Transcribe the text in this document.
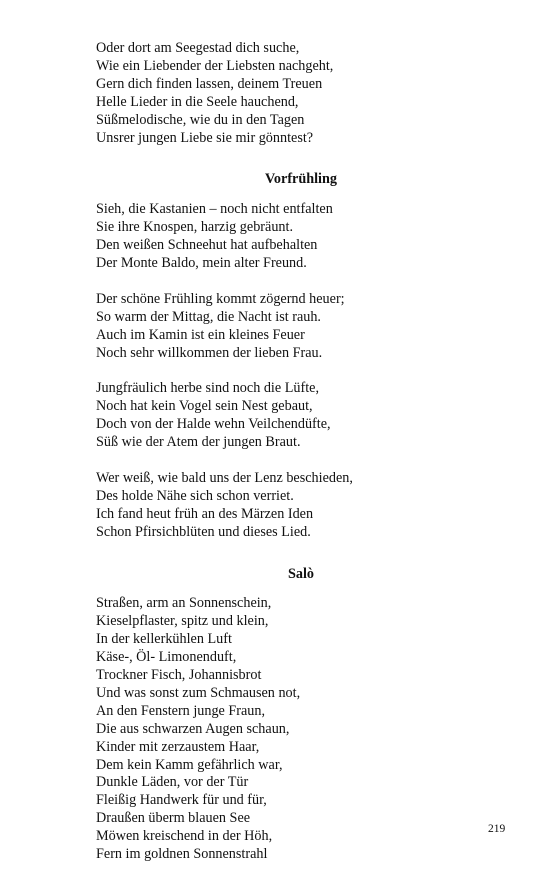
Oder dort am Seegestad dich suche,
Wie ein Liebender der Liebsten nachgeht,
Gern dich finden lassen, deinem Treuen
Helle Lieder in die Seele hauchend,
Süßmelodische, wie du in den Tagen
Unsrer jungen Liebe sie mir gönntest?
Vorfrühling
Sieh, die Kastanien – noch nicht entfalten
Sie ihre Knospen, harzig gebräunt.
Den weißen Schneehut hat aufbehalten
Der Monte Baldo, mein alter Freund.
Der schöne Frühling kommt zögernd heuer;
So warm der Mittag, die Nacht ist rauh.
Auch im Kamin ist ein kleines Feuer
Noch sehr willkommen der lieben Frau.
Jungfräulich herbe sind noch die Lüfte,
Noch hat kein Vogel sein Nest gebaut,
Doch von der Halde wehn Veilchendüfte,
Süß wie der Atem der jungen Braut.
Wer weiß, wie bald uns der Lenz beschieden,
Des holde Nähe sich schon verriet.
Ich fand heut früh an des Märzen Iden
Schon Pfirsichblüten und dieses Lied.
Salò
Straßen, arm an Sonnenschein,
Kieselpflaster, spitz und klein,
In der kellerkühlen Luft
Käse-, Öl- Limonenduft,
Trockner Fisch, Johannisbrot
Und was sonst zum Schmausen not,
An den Fenstern junge Fraun,
Die aus schwarzen Augen schaun,
Kinder mit zerzaustem Haar,
Dem kein Kamm gefährlich war,
Dunkle Läden, vor der Tür
Fleißig Handwerk für und für,
Draußen überm blauen See
Möwen kreischend in der Höh,
Fern im goldnen Sonnenstrahl
219
